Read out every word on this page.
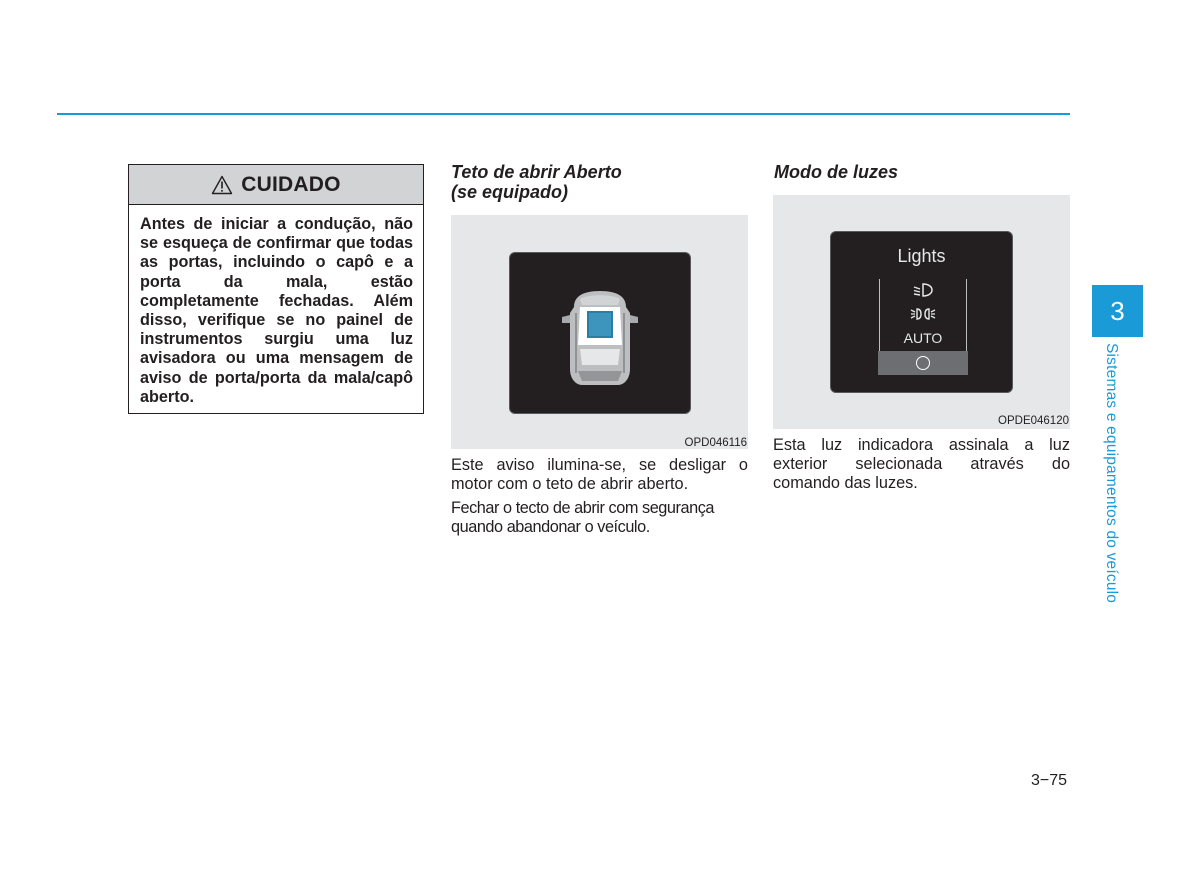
CUIDADO
Antes de iniciar a condução, não se esqueça de confirmar que todas as portas, incluindo o capô e a porta da mala, estão completamente fechadas. Além disso, verifique se no painel de instrumentos surgiu uma luz avisadora ou uma mensagem de aviso de porta/porta da mala/capô aberto.
Teto de abrir Aberto
(se equipado)
OPD046116
Este aviso ilumina-se, se desligar o motor com o teto de abrir aberto.
Fechar o tecto de abrir com segurança quando abandonar o veículo.
Modo de luzes
Lights
AUTO
OPDE046120
Esta luz indicadora assinala a luz exterior selecionada através do comando das luzes.
3
Sistemas e equipamentos do veículo
3−75
